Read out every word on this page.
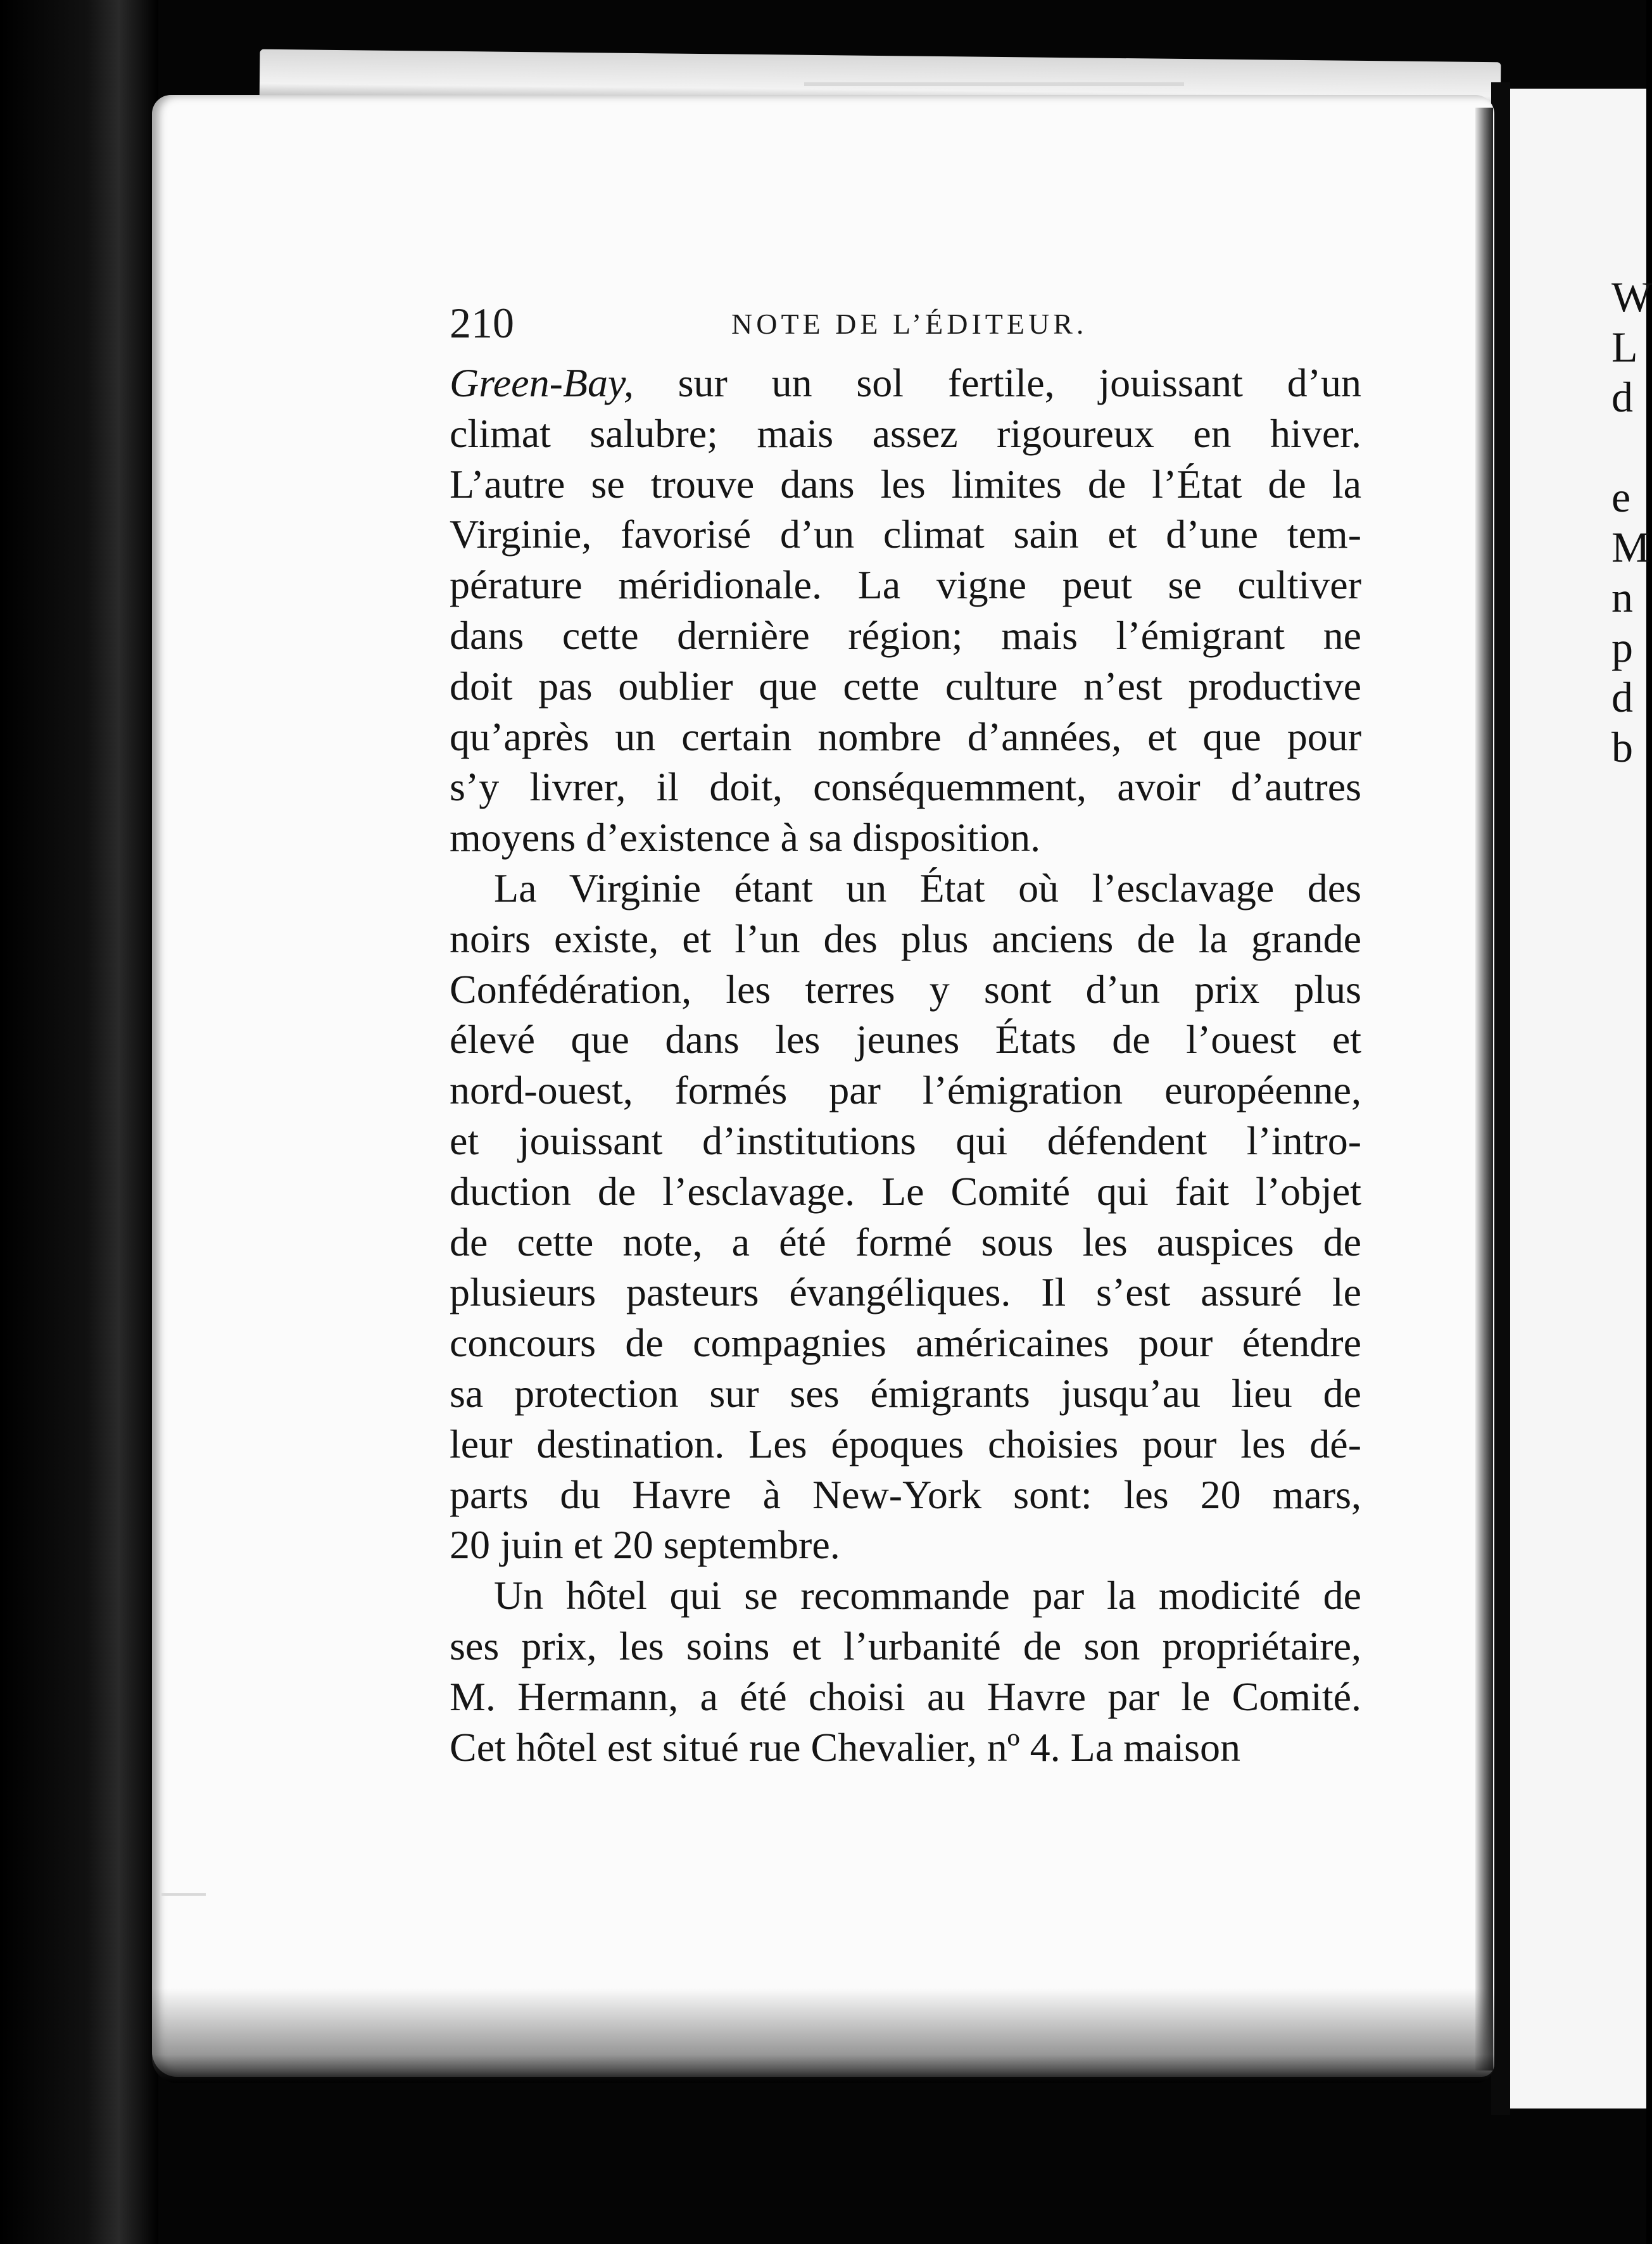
W
L
d

e
M
n
p
d
b
210	NOTE DE L’ÉDITEUR.
Green-Bay, sur un sol fertile, jouissant d’un
climat salubre; mais assez rigoureux en hiver.
L’autre se trouve dans les limites de l’État de la
Virginie, favorisé d’un climat sain et d’une tem-
pérature méridionale. La vigne peut se cultiver
dans cette dernière région; mais l’émigrant ne
doit pas oublier que cette culture n’est productive
qu’après un certain nombre d’années, et que pour
s’y livrer, il doit, conséquemment, avoir d’autres
moyens d’existence à sa disposition.
La Virginie étant un État où l’esclavage des
noirs existe, et l’un des plus anciens de la grande
Confédération, les terres y sont d’un prix plus
élevé que dans les jeunes États de l’ouest et
nord-ouest, formés par l’émigration européenne,
et jouissant d’institutions qui défendent l’intro-
duction de l’esclavage. Le Comité qui fait l’objet
de cette note, a été formé sous les auspices de
plusieurs pasteurs évangéliques. Il s’est assuré le
concours de compagnies américaines pour étendre
sa protection sur ses émigrants jusqu’au lieu de
leur destination. Les époques choisies pour les dé-
parts du Havre à New-York sont: les 20 mars,
20 juin et 20 septembre.
Un hôtel qui se recommande par la modicité de
ses prix, les soins et l’urbanité de son propriétaire,
M. Hermann, a été choisi au Havre par le Comité.
Cet hôtel est situé rue Chevalier, nº 4. La maison
